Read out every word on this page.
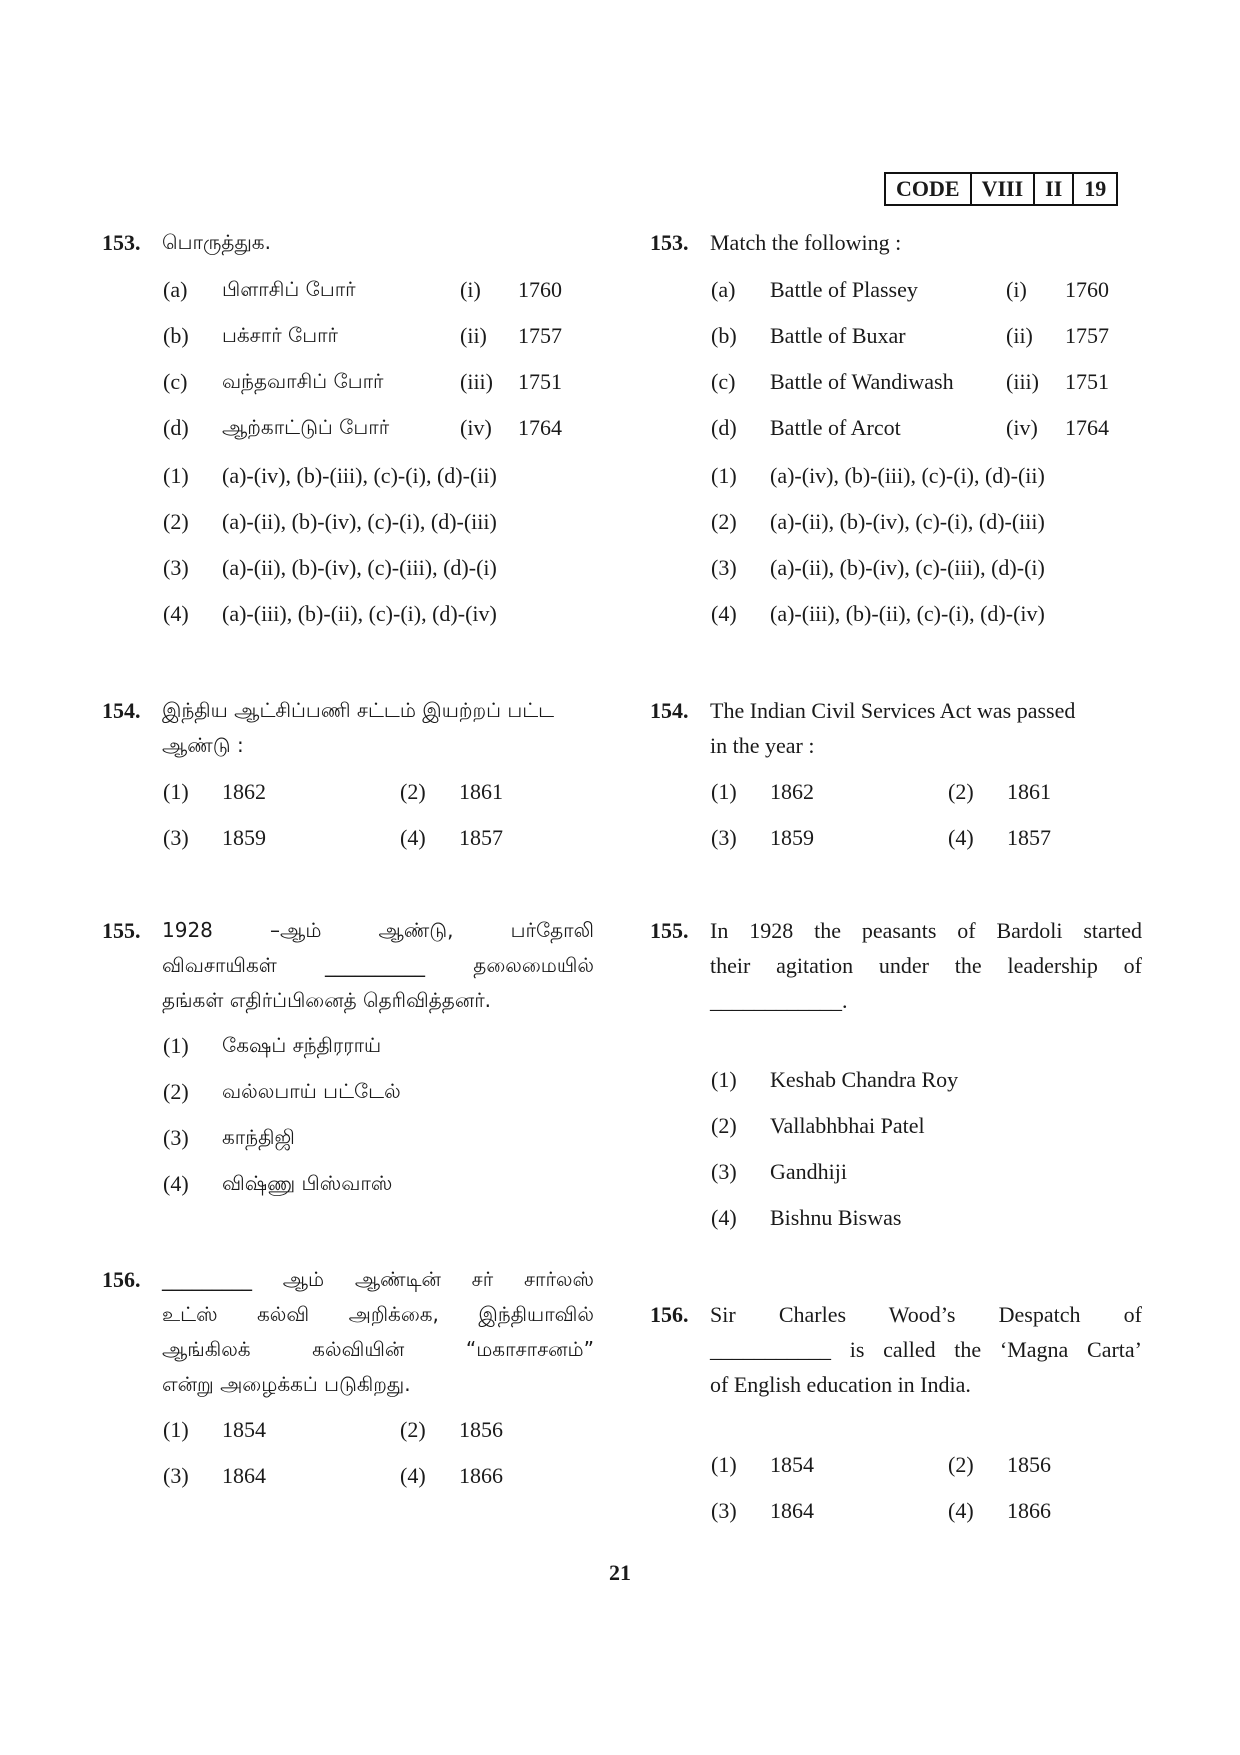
CODE	VIII	II	19
153. பொருத்துக.
(a) பிளாசிப் போர்	(i) 1760
(b) பக்சார் போர்	(ii) 1757
(c) வந்தவாசிப் போர்	(iii) 1751
(d) ஆற்காட்டுப் போர்	(iv) 1764
(1) (a)-(iv), (b)-(iii), (c)-(i), (d)-(ii)
(2) (a)-(ii), (b)-(iv), (c)-(i), (d)-(iii)
(3) (a)-(ii), (b)-(iv), (c)-(iii), (d)-(i)
(4) (a)-(iii), (b)-(ii), (c)-(i), (d)-(iv)
153. Match the following :
(a) Battle of Plassey	(i) 1760
(b) Battle of Buxar	(ii) 1757
(c) Battle of Wandiwash (iii) 1751
(d) Battle of Arcot	(iv) 1764
(1) (a)-(iv), (b)-(iii), (c)-(i), (d)-(ii)
(2) (a)-(ii), (b)-(iv), (c)-(i), (d)-(iii)
(3) (a)-(ii), (b)-(iv), (c)-(iii), (d)-(i)
(4) (a)-(iii), (b)-(ii), (c)-(i), (d)-(iv)
154. இந்திய ஆட்சிப்பணி சட்டம் இயற்றப் பட்ட
ஆண்டு :
(1) 1862	(2) 1861
(3) 1859	(4) 1857
154. The Indian Civil Services Act was passed
in the year :
(1) 1862	(2) 1861
(3) 1859	(4) 1857
155. 1928 –ஆம் ஆண்டு, பர்தோலி
விவசாயிகள் __________ தலைமையில்
தங்கள் எதிர்ப்பினைத் தெரிவித்தனர்.
(1) கேஷப் சந்திரராய்
(2) வல்லபாய் பட்டேல்
(3) காந்திஜி
(4) விஷ்ணு பிஸ்வாஸ்
155. In 1928 the peasants of Bardoli started
their agitation under the leadership of
____________.
(1) Keshab Chandra Roy
(2) Vallabhbhai Patel
(3) Gandhiji
(4) Bishnu Biswas
156. _________ ஆம் ஆண்டின் சர் சார்லஸ்
உட்ஸ் கல்வி அறிக்கை, இந்தியாவில்
ஆங்கிலக் கல்வியின் “மகாசாசனம்”
என்று அழைக்கப் படுகிறது.
(1) 1854	(2) 1856
(3) 1864	(4) 1866
156. Sir Charles Wood’s Despatch of
___________ is called the ‘Magna Carta’
of English education in India.
(1) 1854	(2) 1856
(3) 1864	(4) 1866
21
